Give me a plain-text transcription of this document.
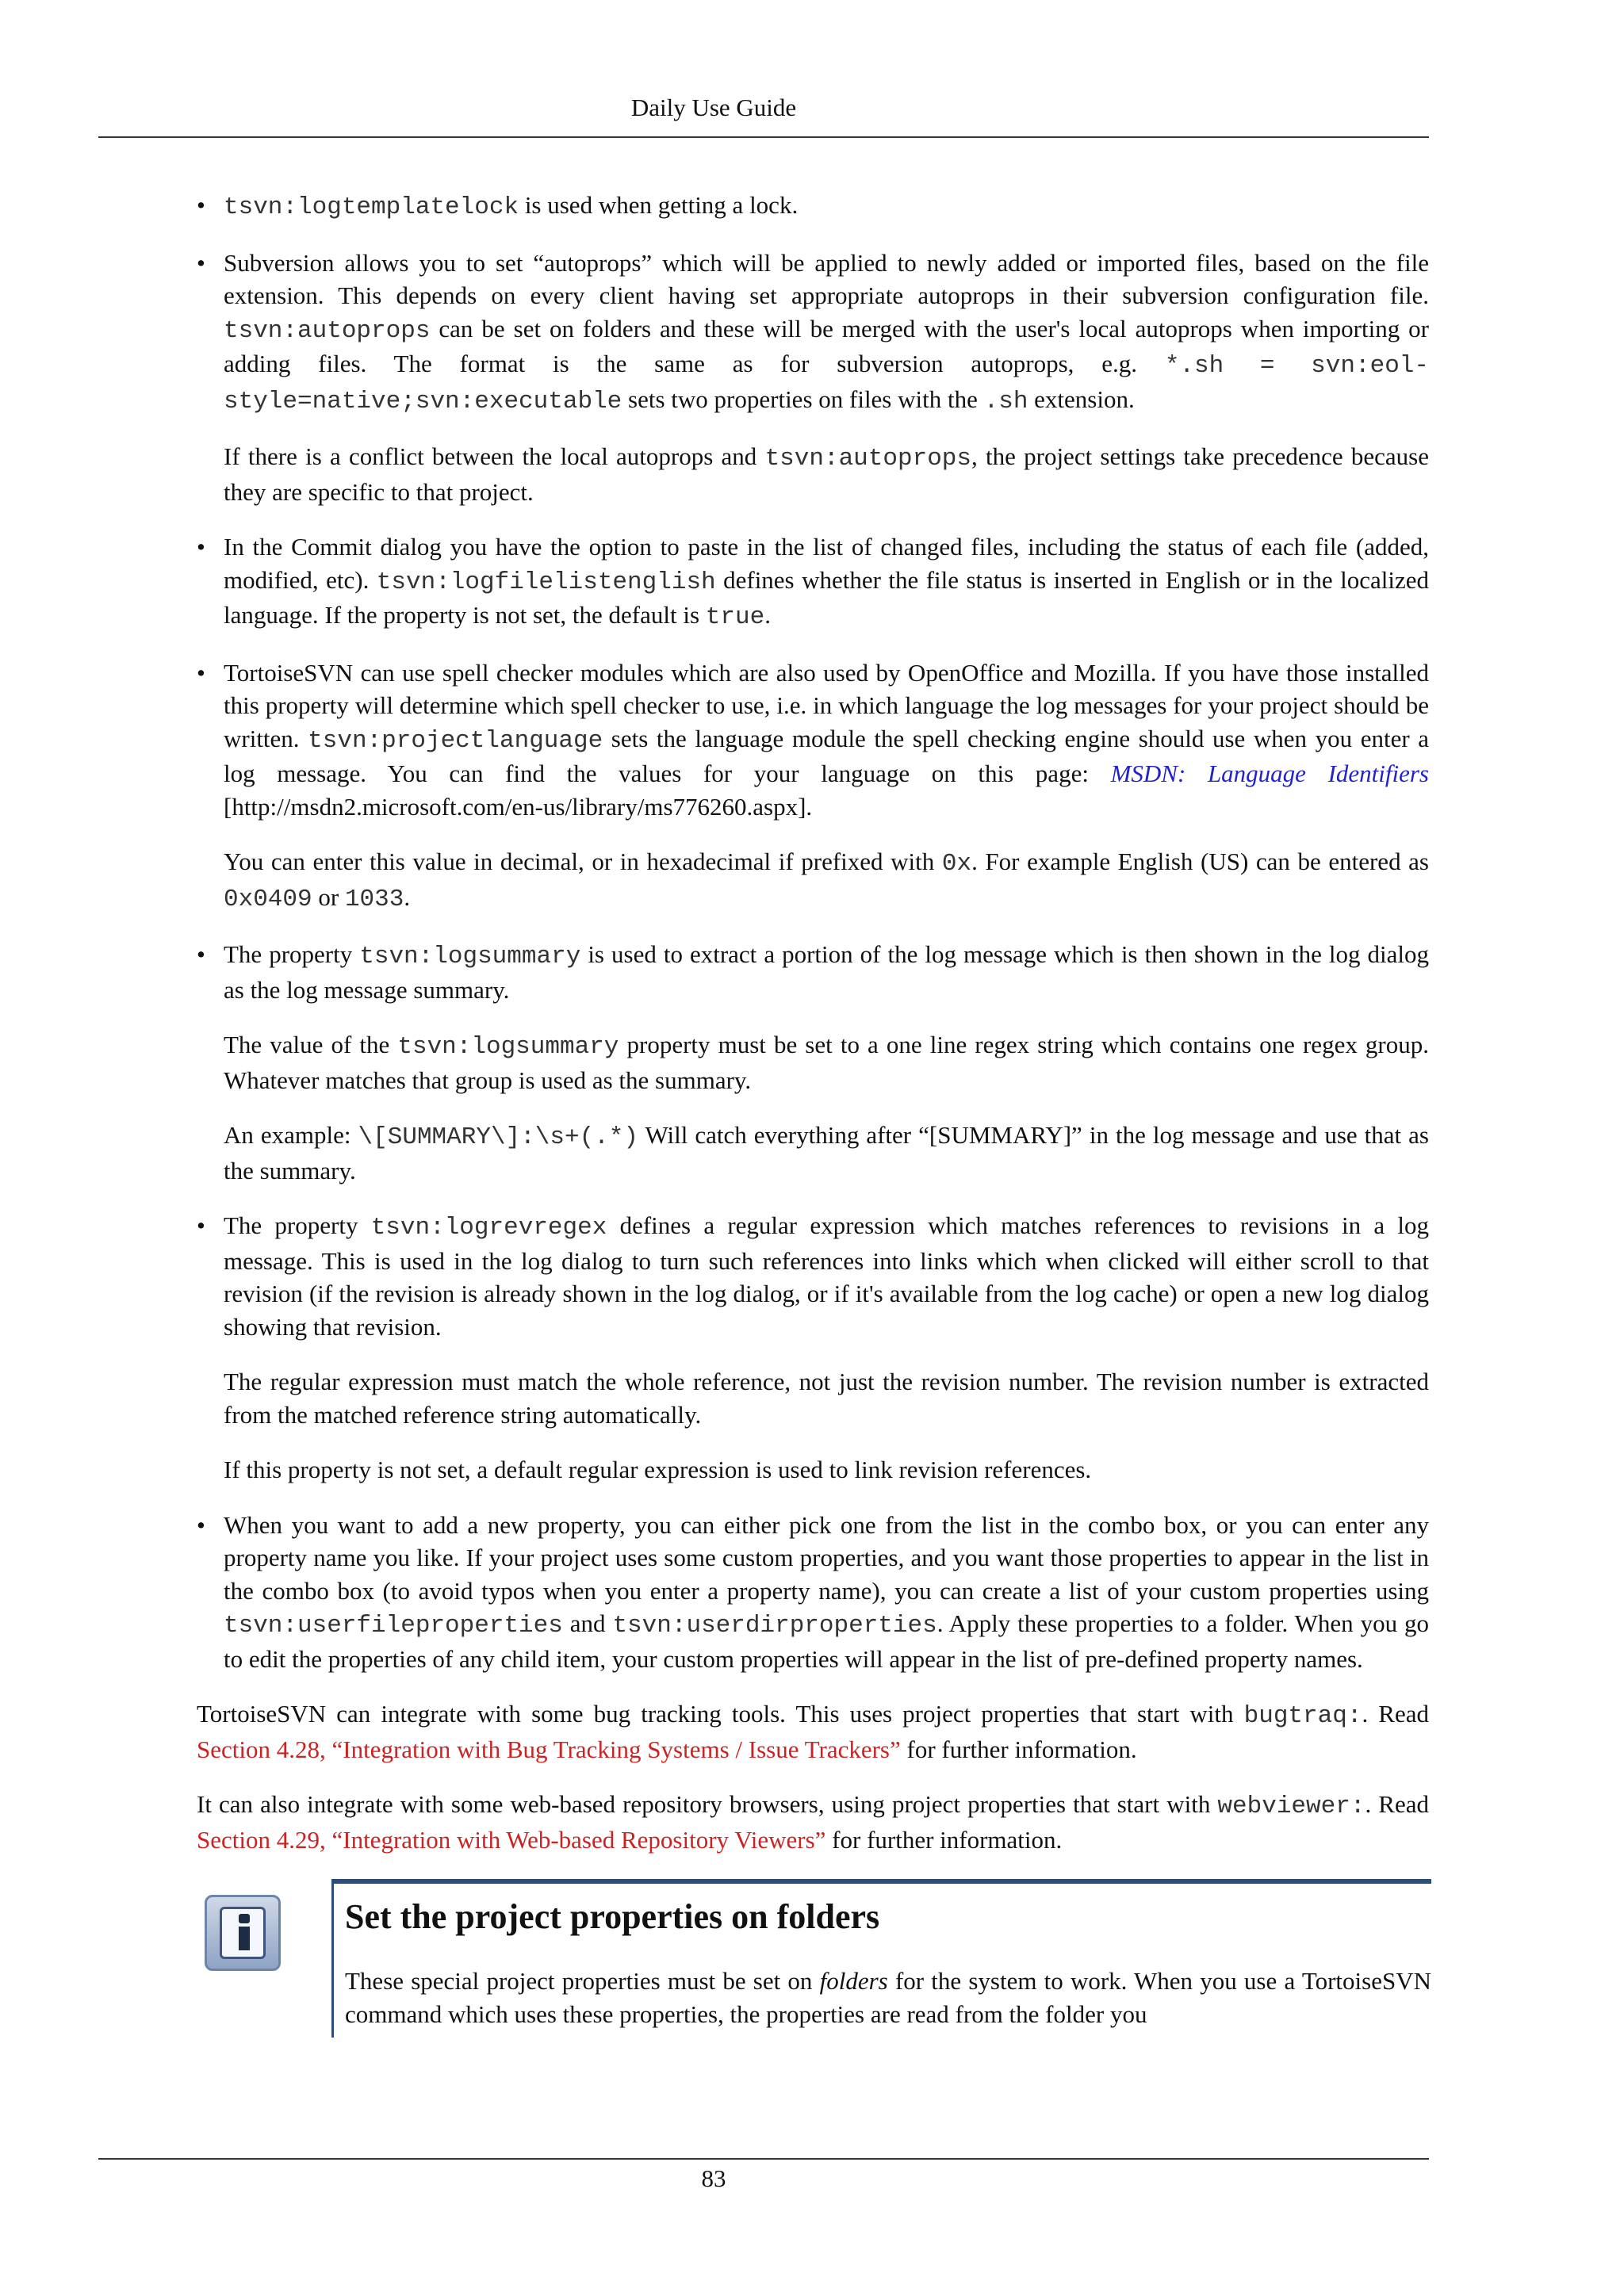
Daily Use Guide

• tsvn:logtemplatelock is used when getting a lock.

• Subversion allows you to set “autoprops” which will be applied to newly added or imported files, based on the file extension. This depends on every client having set appropriate autoprops in their subversion configuration file. tsvn:autoprops can be set on folders and these will be merged with the user's local autoprops when importing or adding files. The format is the same as for subversion autoprops, e.g. *.sh = svn:eol-style=native;svn:executable sets two properties on files with the .sh extension.

If there is a conflict between the local autoprops and tsvn:autoprops, the project settings take precedence because they are specific to that project.

• In the Commit dialog you have the option to paste in the list of changed files, including the status of each file (added, modified, etc). tsvn:logfilelistenglish defines whether the file status is inserted in English or in the localized language. If the property is not set, the default is true.

• TortoiseSVN can use spell checker modules which are also used by OpenOffice and Mozilla. If you have those installed this property will determine which spell checker to use, i.e. in which language the log messages for your project should be written. tsvn:projectlanguage sets the language module the spell checking engine should use when you enter a log message. You can find the values for your language on this page: MSDN: Language Identifiers [http://msdn2.microsoft.com/en-us/library/ms776260.aspx].

You can enter this value in decimal, or in hexadecimal if prefixed with 0x. For example English (US) can be entered as 0x0409 or 1033.

• The property tsvn:logsummary is used to extract a portion of the log message which is then shown in the log dialog as the log message summary.

The value of the tsvn:logsummary property must be set to a one line regex string which contains one regex group. Whatever matches that group is used as the summary.

An example: \[SUMMARY\]:\s+(.*) Will catch everything after “[SUMMARY]” in the log message and use that as the summary.

• The property tsvn:logrevregex defines a regular expression which matches references to revisions in a log message. This is used in the log dialog to turn such references into links which when clicked will either scroll to that revision (if the revision is already shown in the log dialog, or if it's available from the log cache) or open a new log dialog showing that revision.

The regular expression must match the whole reference, not just the revision number. The revision number is extracted from the matched reference string automatically.

If this property is not set, a default regular expression is used to link revision references.

• When you want to add a new property, you can either pick one from the list in the combo box, or you can enter any property name you like. If your project uses some custom properties, and you want those properties to appear in the list in the combo box (to avoid typos when you enter a property name), you can create a list of your custom properties using tsvn:userfileproperties and tsvn:userdirproperties. Apply these properties to a folder. When you go to edit the properties of any child item, your custom properties will appear in the list of pre-defined property names.

TortoiseSVN can integrate with some bug tracking tools. This uses project properties that start with bugtraq:. Read Section 4.28, “Integration with Bug Tracking Systems / Issue Trackers” for further information.

It can also integrate with some web-based repository browsers, using project properties that start with webviewer:. Read Section 4.29, “Integration with Web-based Repository Viewers” for further information.

Set the project properties on folders
These special project properties must be set on folders for the system to work. When you use a TortoiseSVN command which uses these properties, the properties are read from the folder you
83
